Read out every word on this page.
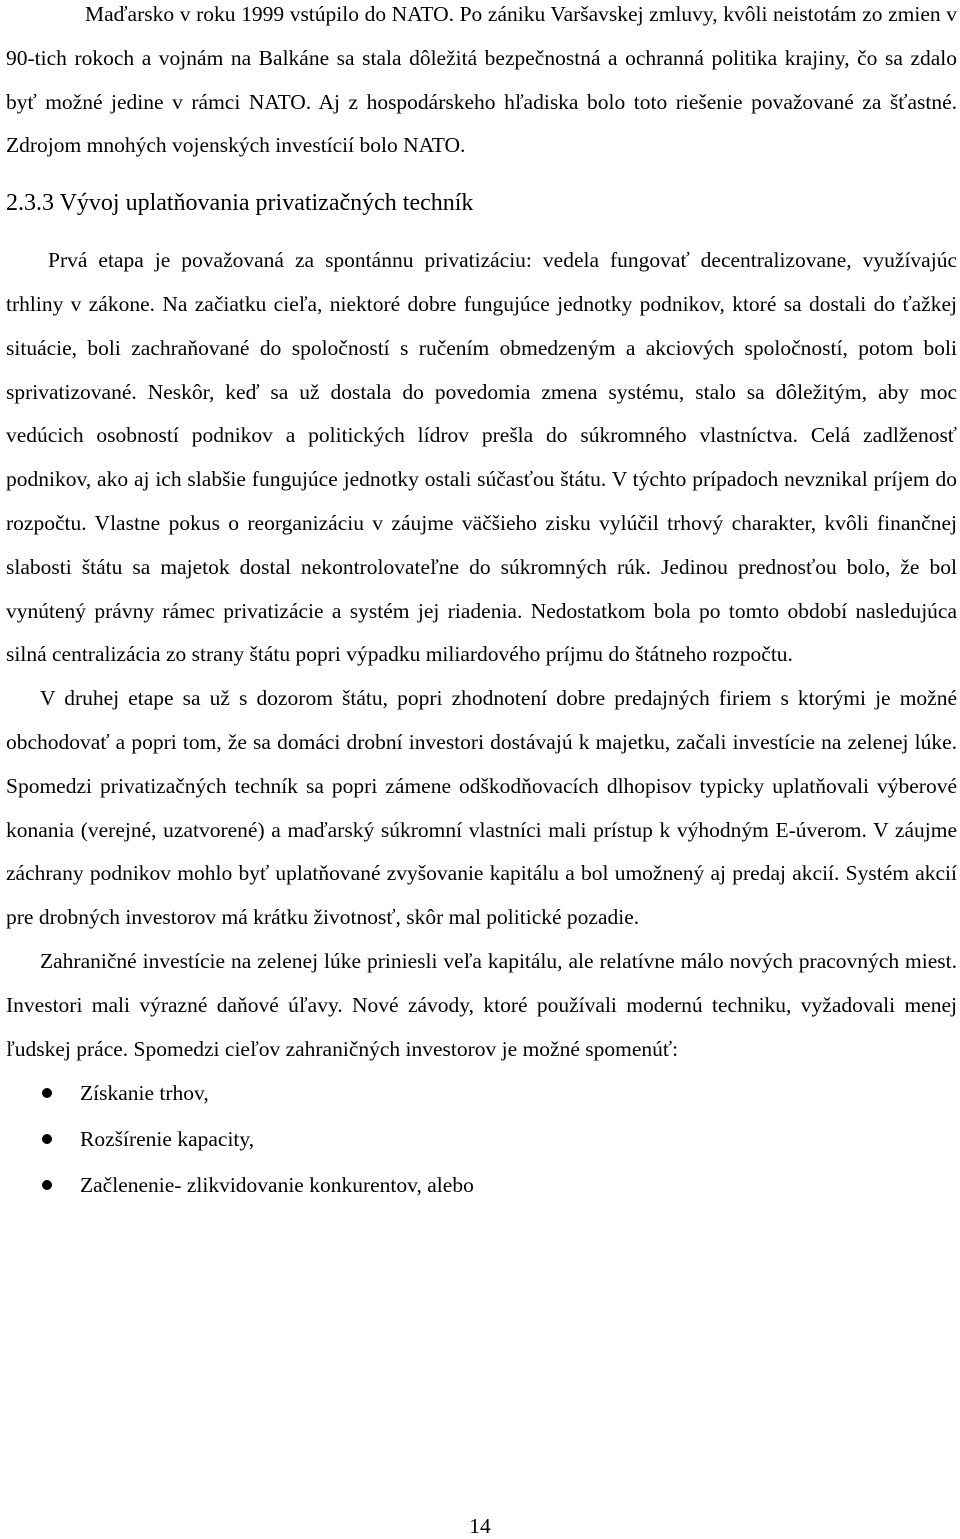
Maďarsko v roku 1999 vstúpilo do NATO. Po zániku Varšavskej zmluvy, kvôli neistotám zo zmien v 90-tich rokoch a vojnám na Balkáne sa stala dôležitá bezpečnostná a ochranná politika krajiny, čo sa zdalo byť možné jedine v rámci NATO. Aj z hospodárskeho hľadiska bolo toto riešenie považované za šťastné. Zdrojom mnohých vojenských investícií bolo NATO.

2.3.3 Vývoj uplatňovania privatizačných techník

Prvá etapa je považovaná za spontánnu privatizáciu: vedela fungovať decentralizovane, využívajúc trhliny v zákone. Na začiatku cieľa, niektoré dobre fungujúce jednotky podnikov, ktoré sa dostali do ťažkej situácie, boli zachraňované do spoločností s ručením obmedzeným a akciových spoločností, potom boli sprivatizované. Neskôr, keď sa už dostala do povedomia zmena systému, stalo sa dôležitým, aby moc vedúcich osobností podnikov a politických lídrov prešla do súkromného vlastníctva. Celá zadlženosť podnikov, ako aj ich slabšie fungujúce jednotky ostali súčasťou štátu. V týchto prípadoch nevznikal príjem do rozpočtu. Vlastne pokus o reorganizáciu v záujme väčšieho zisku vylúčil trhový charakter, kvôli finančnej slabosti štátu sa majetok dostal nekontrolovateľne do súkromných rúk. Jedinou prednosťou bolo, že bol vynútený právny rámec privatizácie a systém jej riadenia. Nedostatkom bola po tomto období nasledujúca silná centralizácia zo strany štátu popri výpadku miliardového príjmu do štátneho rozpočtu.

V druhej etape sa už s dozorom štátu, popri zhodnotení dobre predajných firiem s ktorými je možné obchodovať a popri tom, že sa domáci drobní investori dostávajú k majetku, začali investície na zelenej lúke. Spomedzi privatizačných techník sa popri zámene odškodňovacích dlhopisov typicky uplatňovali výberové konania (verejné, uzatvorené) a maďarský súkromní vlastníci mali prístup k výhodným E-úverom. V záujme záchrany podnikov mohlo byť uplatňované zvyšovanie kapitálu a bol umožnený aj predaj akcií. Systém akcií pre drobných investorov má krátku životnosť, skôr mal politické pozadie.

Zahraničné investície na zelenej lúke priniesli veľa kapitálu, ale relatívne málo nových pracovných miest. Investori mali výrazné daňové úľavy. Nové závody, ktoré používali modernú techniku, vyžadovali menej ľudskej práce. Spomedzi cieľov zahraničných investorov je možné spomenúť:

Získanie trhov,
Rozšírenie kapacity,
Začlenenie- zlikvidovanie konkurentov, alebo
14
